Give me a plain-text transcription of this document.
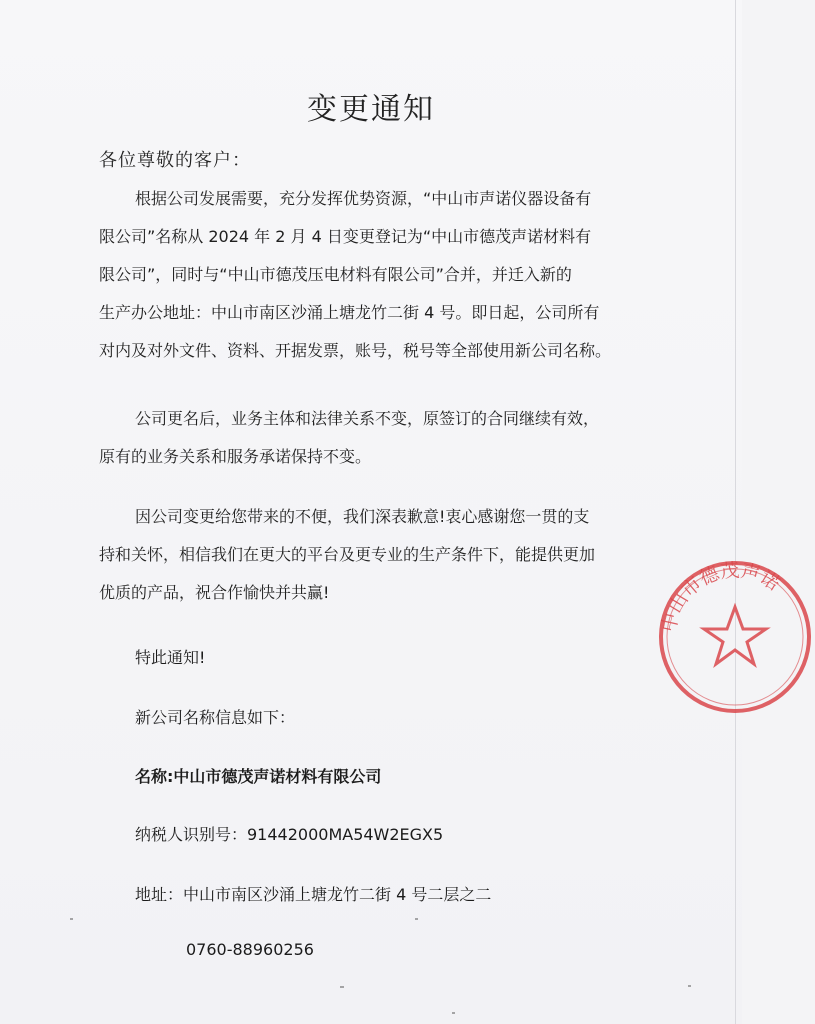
变更通知
各位尊敬的客户：
根据公司发展需要，充分发挥优势资源，“中山市声诺仪器设备有
限公司”名称从 2024 年 2 月 4 日变更登记为“中山市德茂声诺材料有
限公司”，同时与“中山市德茂压电材料有限公司”合并，并迁入新的
生产办公地址：中山市南区沙涌上塘龙竹二街 4 号。即日起，公司所有
对内及对外文件、资料、开据发票，账号，税号等全部使用新公司名称。
公司更名后，业务主体和法律关系不变，原签订的合同继续有效，
原有的业务关系和服务承诺保持不变。
因公司变更给您带来的不便，我们深表歉意!衷心感谢您一贯的支
持和关怀，相信我们在更大的平台及更专业的生产条件下，能提供更加
优质的产品，祝合作愉快并共赢!
特此通知!
新公司名称信息如下：
名称:中山市德茂声诺材料有限公司
纳税人识别号：91442000MA54W2EGX5
地址：中山市南区沙涌上塘龙竹二街 4 号二层之二
0760-88960256
中山市德茂声诺
